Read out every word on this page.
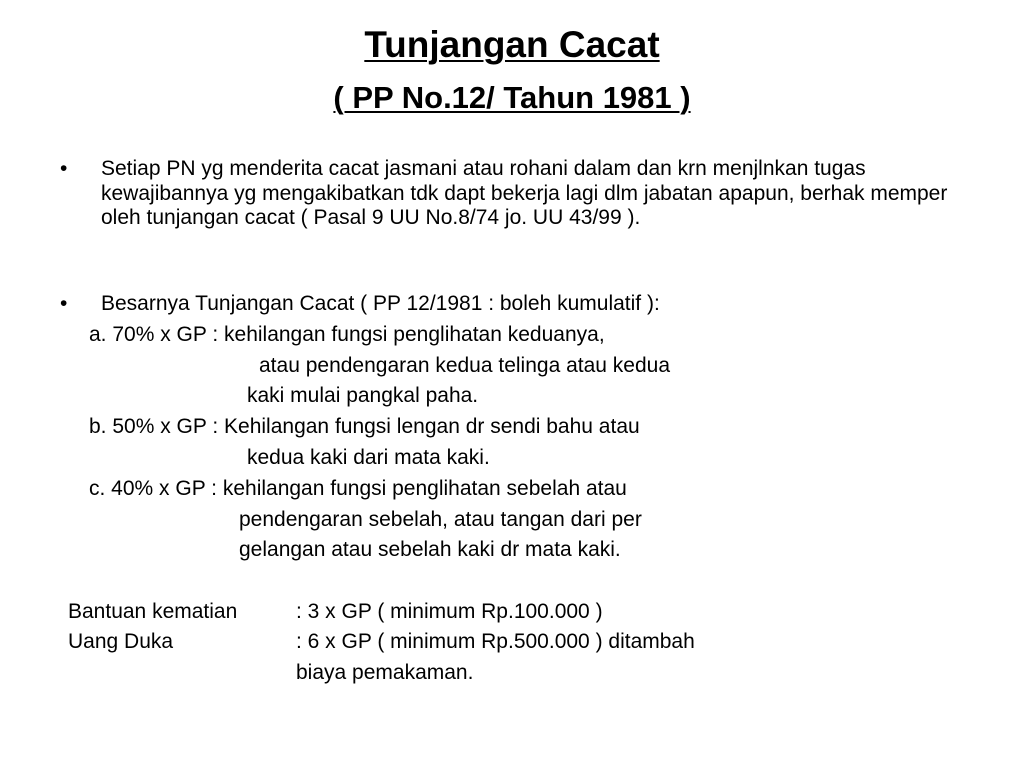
Tunjangan Cacat
( PP No.12/ Tahun 1981 )
• Setiap PN yg menderita cacat jasmani atau rohani dalam dan krn menjlnkan tugas kewajibannya yg mengakibatkan tdk dapt bekerja lagi dlm jabatan apapun, berhak memper oleh tunjangan cacat ( Pasal 9 UU No.8/74 jo. UU 43/99 ).

• Besarnya Tunjangan Cacat ( PP 12/1981 : boleh kumulatif ):

a. 70% x GP : kehilangan fungsi penglihatan keduanya,

atau pendengaran kedua telinga atau kedua

kaki mulai pangkal paha.

b. 50% x GP : Kehilangan fungsi lengan dr sendi bahu atau

kedua kaki dari mata kaki.

c. 40% x GP : kehilangan fungsi penglihatan sebelah atau

pendengaran sebelah, atau tangan dari per

gelangan atau sebelah kaki dr mata kaki.

Bantuan kematian	: 3 x GP ( minimum Rp.100.000 )

Uang Duka	: 6 x GP ( minimum Rp.500.000 ) ditambah

biaya pemakaman.
